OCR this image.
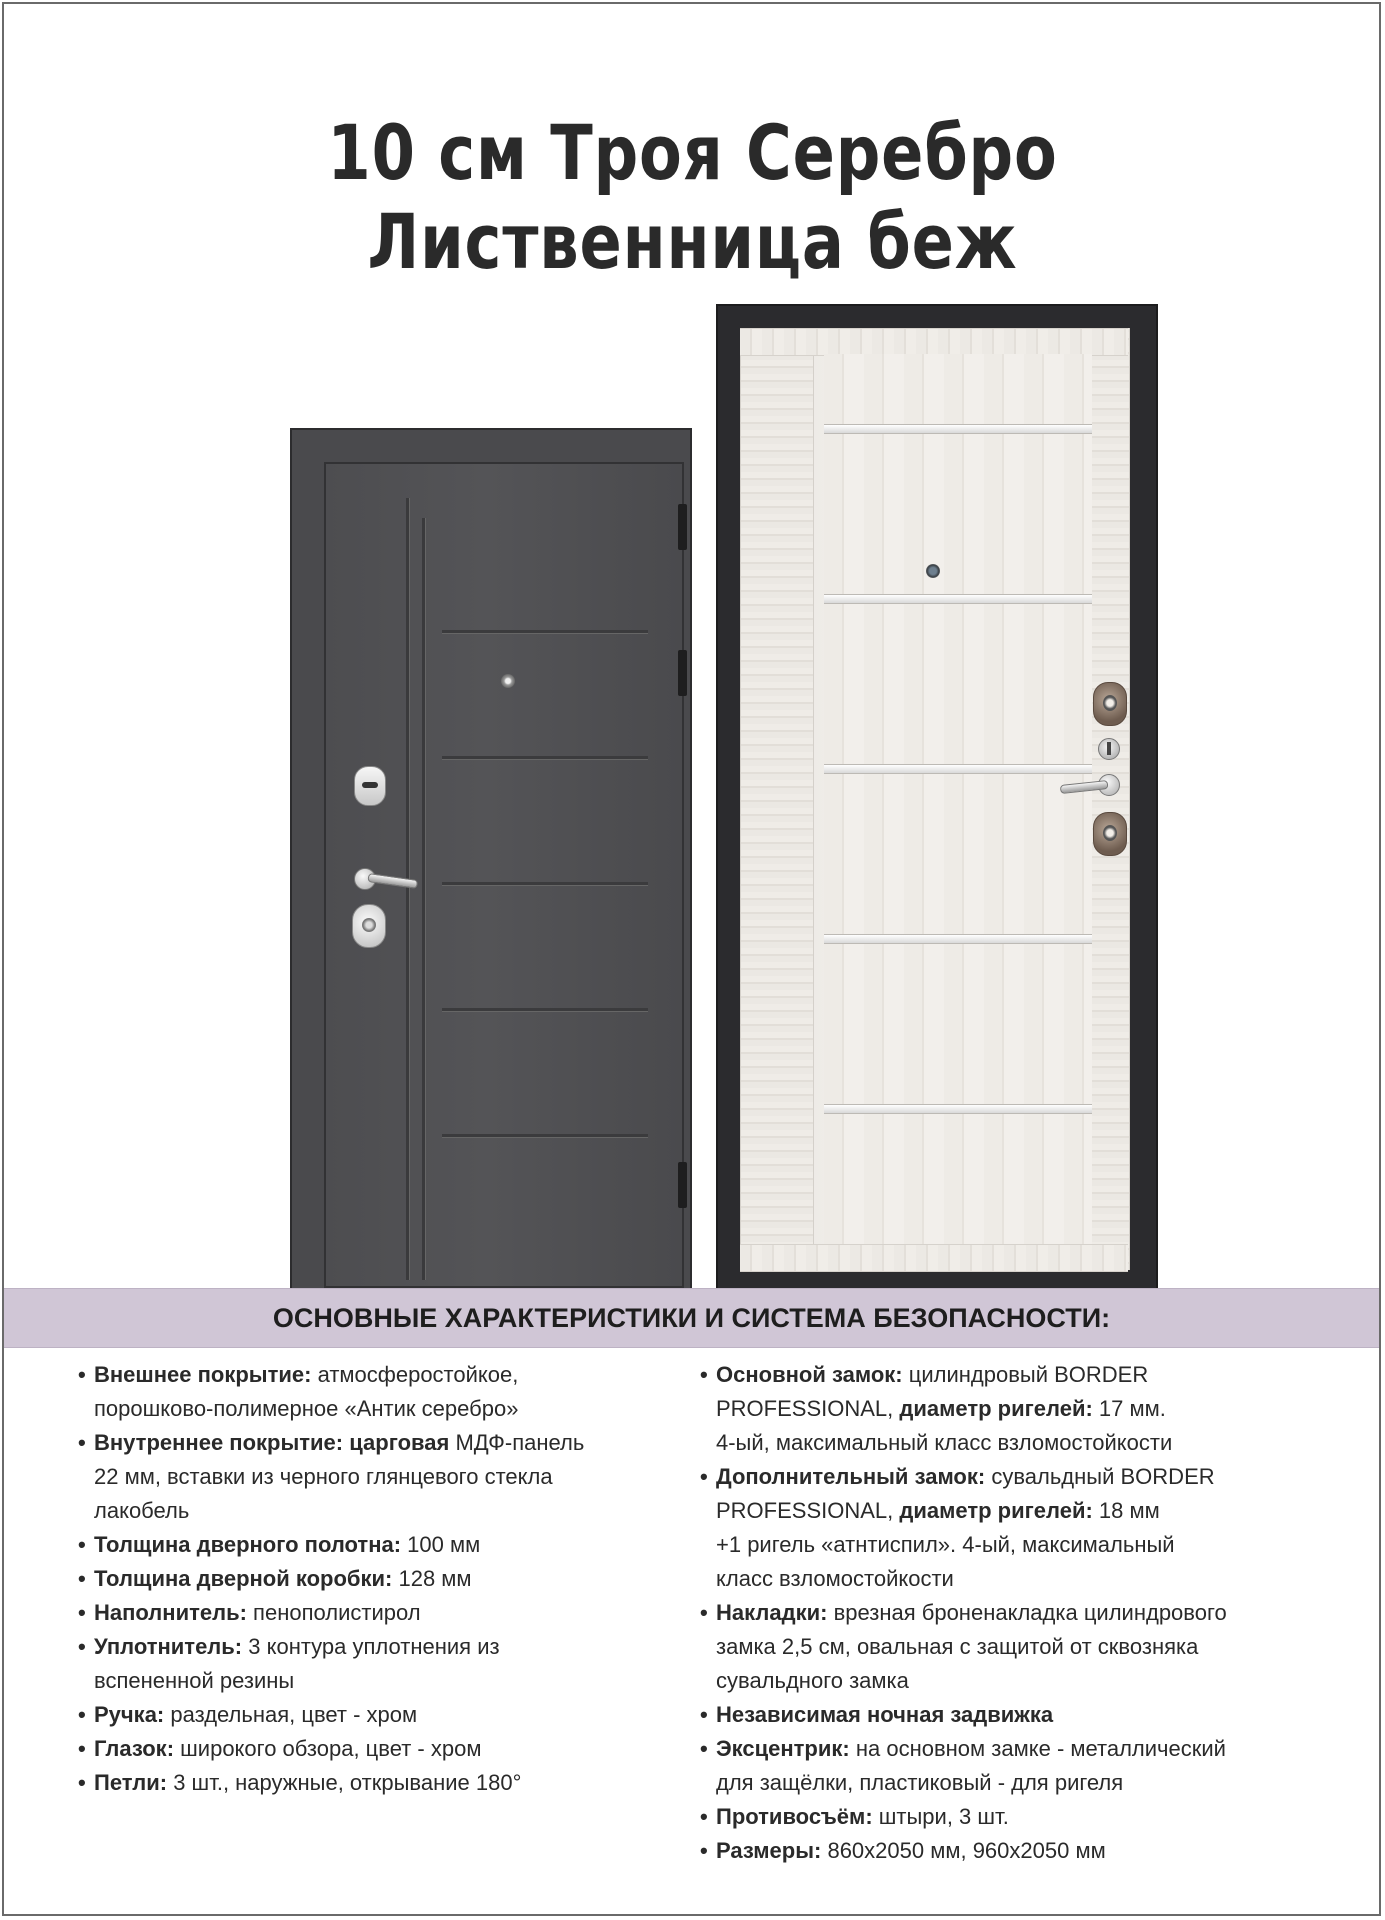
10 см Троя Серебро Лиственница беж
ОСНОВНЫЕ ХАРАКТЕРИСТИКИ И СИСТЕМА БЕЗОПАСНОСТИ:
• Внешнее покрытие: атмосферостойкое,
порошково-полимерное «Антик серебро»
• Внутреннее покрытие: царговая МДФ-панель
22 мм, вставки из черного глянцевого стекла
лакобель
• Толщина дверного полотна: 100 мм
• Толщина дверной коробки: 128 мм
• Наполнитель: пенополистирол
• Уплотнитель: 3 контура уплотнения из
вспененной резины
• Ручка: раздельная, цвет - хром
• Глазок: широкого обзора, цвет - хром
• Петли: 3 шт., наружные, открывание 180°
• Основной замок: цилиндровый BORDER
PROFESSIONAL, диаметр ригелей: 17 мм.
4-ый, максимальный класс взломостойкости
• Дополнительный замок: сувальдный BORDER
PROFESSIONAL, диаметр ригелей: 18 мм
+1 ригель «атнтиспил». 4-ый, максимальный
класс взломостойкости
• Накладки: врезная броненакладка цилиндрового
замка 2,5 см, овальная с защитой от сквозняка
сувальдного замка
• Независимая ночная задвижка
• Эксцентрик: на основном замке - металлический
для защёлки, пластиковый - для ригеля
• Противосъём: штыри, 3 шт.
• Размеры: 860х2050 мм, 960х2050 мм
